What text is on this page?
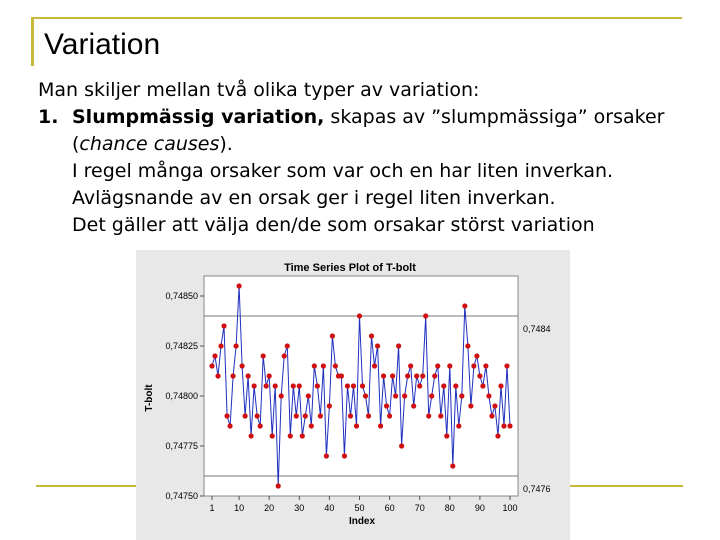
Variation
Man skiljer mellan två olika typer av variation:
1. Slumpmässig variation, skapas av ”slumpmässiga” orsaker
(chance causes).
I regel många orsaker som var och en har liten inverkan.
Avlägsnande av en orsak ger i regel liten inverkan.
Det gäller att välja den/de som orsakar störst variation
Time Series Plot of T-bolt
Index
T-bolt
0,7484
0,7476
0,74750
0,74775
0,74800
0,74825
0,74850
1 10 20 30 40 50 60 70 80 90 100
